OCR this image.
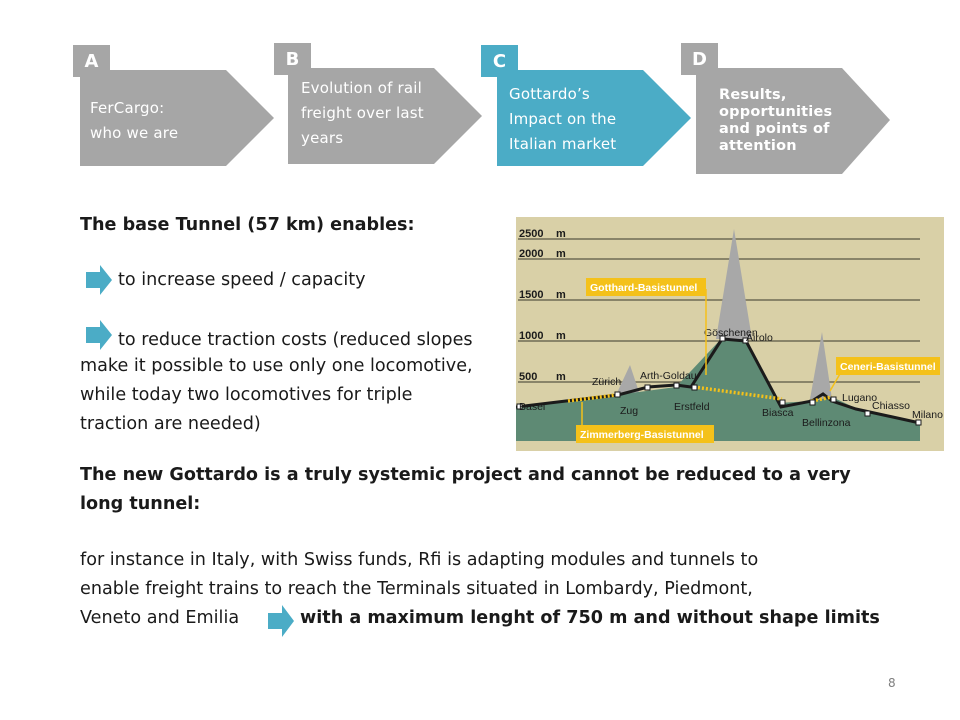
FerCargo:
who we are
A
Evolution of rail
freight over last
years
B
Gottardo’s
Impact on the
Italian market
C
Results,
opportunities
and points of
attention
D
The base Tunnel (57 km) enables:
to increase speed / capacity
to reduce traction costs (reduced slopes
make it possible to use only one locomotive,
while today two locomotives for triple
traction are needed)
2500
2000
1500
1000
500
m
m
m
m
m
Basel
Zürich
Zug
Arth-Goldau
Erstfeld
Göschenen
Airolo
Biasca
Bellinzona
Lugano
Chiasso
Milano
Gotthard-Basistunnel
Ceneri-Basistunnel
Zimmerberg-Basistunnel
The new Gottardo is a truly systemic project and cannot be reduced to a very
long tunnel:
for instance in Italy, with Swiss funds, Rfi is adapting modules and tunnels to
enable freight trains to reach the Terminals situated in Lombardy, Piedmont,
Veneto and Emilia	with a maximum lenght of 750 m and without shape limits
8
